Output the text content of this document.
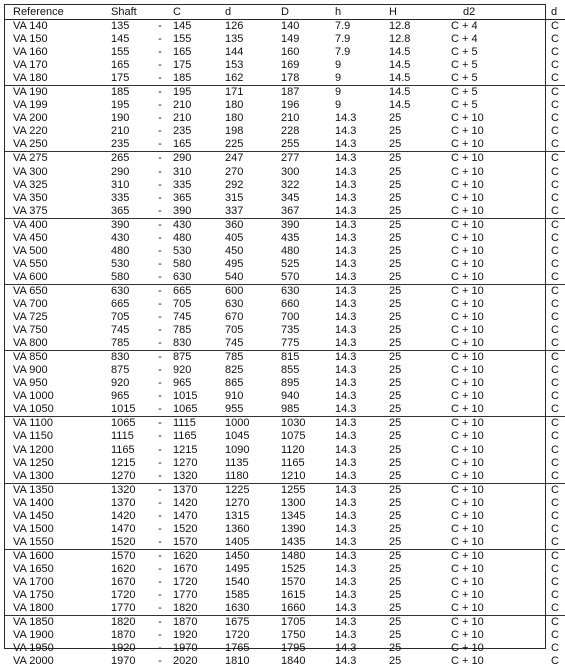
Reference	Shaft		C	d	D	h	H	d2	d
VA 140	135	-	145	126	140	7.9	12.8	C + 4	C
VA 150	145	-	155	135	149	7.9	12.8	C + 4	C
VA 160	155	-	165	144	160	7.9	14.5	C + 5	C
VA 170	165	-	175	153	169	9	14.5	C + 5	C
VA 180	175	-	185	162	178	9	14.5	C + 5	C
VA 190	185	-	195	171	187	9	14.5	C + 5	C
VA 199	195	-	210	180	196	9	14.5	C + 5	C
VA 200	190	-	210	180	210	14.3	25	C + 10	C
VA 220	210	-	235	198	228	14.3	25	C + 10	C
VA 250	235	-	165	225	255	14.3	25	C + 10	C
VA 275	265	-	290	247	277	14.3	25	C + 10	C
VA 300	290	-	310	270	300	14.3	25	C + 10	C
VA 325	310	-	335	292	322	14.3	25	C + 10	C
VA 350	335	-	365	315	345	14.3	25	C + 10	C
VA 375	365	-	390	337	367	14.3	25	C + 10	C
VA 400	390	-	430	360	390	14.3	25	C + 10	C
VA 450	430	-	480	405	435	14.3	25	C + 10	C
VA 500	480	-	530	450	480	14.3	25	C + 10	C
VA 550	530	-	580	495	525	14.3	25	C + 10	C
VA 600	580	-	630	540	570	14.3	25	C + 10	C
VA 650	630	-	665	600	630	14.3	25	C + 10	C
VA 700	665	-	705	630	660	14.3	25	C + 10	C
VA 725	705	-	745	670	700	14.3	25	C + 10	C
VA 750	745	-	785	705	735	14.3	25	C + 10	C
VA 800	785	-	830	745	775	14.3	25	C + 10	C
VA 850	830	-	875	785	815	14.3	25	C + 10	C
VA 900	875	-	920	825	855	14.3	25	C + 10	C
VA 950	920	-	965	865	895	14.3	25	C + 10	C
VA 1000	965	-	1015	910	940	14.3	25	C + 10	C
VA 1050	1015	-	1065	955	985	14.3	25	C + 10	C
VA 1100	1065	-	1115	1000	1030	14.3	25	C + 10	C
VA 1150	1115	-	1165	1045	1075	14.3	25	C + 10	C
VA 1200	1165	-	1215	1090	1120	14.3	25	C + 10	C
VA 1250	1215	-	1270	1135	1165	14.3	25	C + 10	C
VA 1300	1270	-	1320	1180	1210	14.3	25	C + 10	C
VA 1350	1320	-	1370	1225	1255	14.3	25	C + 10	C
VA 1400	1370	-	1420	1270	1300	14.3	25	C + 10	C
VA 1450	1420	-	1470	1315	1345	14.3	25	C + 10	C
VA 1500	1470	-	1520	1360	1390	14.3	25	C + 10	C
VA 1550	1520	-	1570	1405	1435	14.3	25	C + 10	C
VA 1600	1570	-	1620	1450	1480	14.3	25	C + 10	C
VA 1650	1620	-	1670	1495	1525	14.3	25	C + 10	C
VA 1700	1670	-	1720	1540	1570	14.3	25	C + 10	C
VA 1750	1720	-	1770	1585	1615	14.3	25	C + 10	C
VA 1800	1770	-	1820	1630	1660	14.3	25	C + 10	C
VA 1850	1820	-	1870	1675	1705	14.3	25	C + 10	C
VA 1900	1870	-	1920	1720	1750	14.3	25	C + 10	C
VA 1950	1920	-	1970	1765	1795	14.3	25	C + 10	C
VA 2000	1970	-	2020	1810	1840	14.3	25	C + 10	C
